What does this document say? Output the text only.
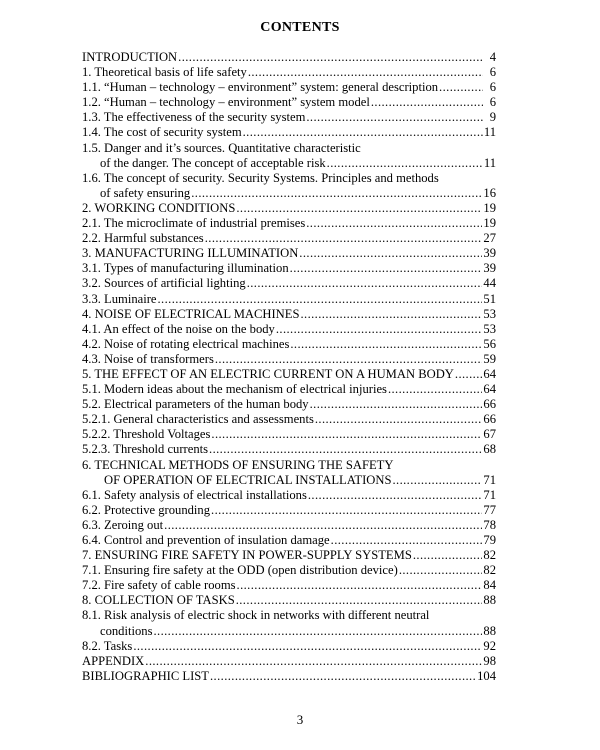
CONTENTS
INTRODUCTION .....	4
1. Theoretical basis of life safety .....	6
1.1. “Human – technology – environment” system: general description .....	6
1.2. “Human – technology – environment” system model .....	6
1.3. The effectiveness of the security system .....	9
1.4. The cost of security system .....	11
1.5. Danger and it’s sources. Quantitative characteristic
of the danger. The concept of acceptable risk .....	11
1.6. The concept of security. Security Systems. Principles and methods
of safety ensuring .....	16
2. WORKING CONDITIONS .....	19
2.1. The microclimate of industrial premises .....	19
2.2. Harmful substances .....	27
3. MANUFACTURING ILLUMINATION .....	39
3.1. Types of manufacturing illumination .....	39
3.2. Sources of artificial lighting .....	44
3.3. Luminaire .....	51
4. NOISE OF ELECTRICAL MACHINES .....	53
4.1. An effect of the noise on the body .....	53
4.2. Noise of rotating electrical machines .....	56
4.3. Noise of transformers .....	59
5. THE EFFECT OF AN ELECTRIC CURRENT ON A HUMAN BODY ..... 64
5.1. Modern ideas about the mechanism of electrical injuries .....	64
5.2. Electrical parameters of the human body .....	66
5.2.1. General characteristics and assessments .....	66
5.2.2. Threshold Voltages .....	67
5.2.3. Threshold currents .....	68
6. TECHNICAL METHODS OF ENSURING THE SAFETY
OF OPERATION OF ELECTRICAL INSTALLATIONS .....	71
6.1. Safety analysis of electrical installations .....	71
6.2. Protective grounding .....	77
6.3. Zeroing out .....	78
6.4. Control and prevention of insulation damage .....	79
7. ENSURING FIRE SAFETY IN POWER-SUPPLY SYSTEMS .....	82
7.1. Ensuring fire safety at the ODD (open distribution device) .....	82
7.2. Fire safety of cable rooms .....	84
8. COLLECTION OF TASKS .....	88
8.1. Risk analysis of electric shock in networks with different neutral
conditions .....	88
8.2. Tasks .....	92
APPENDIX .....	98
BIBLIOGRAPHIC LIST .....	104
3
